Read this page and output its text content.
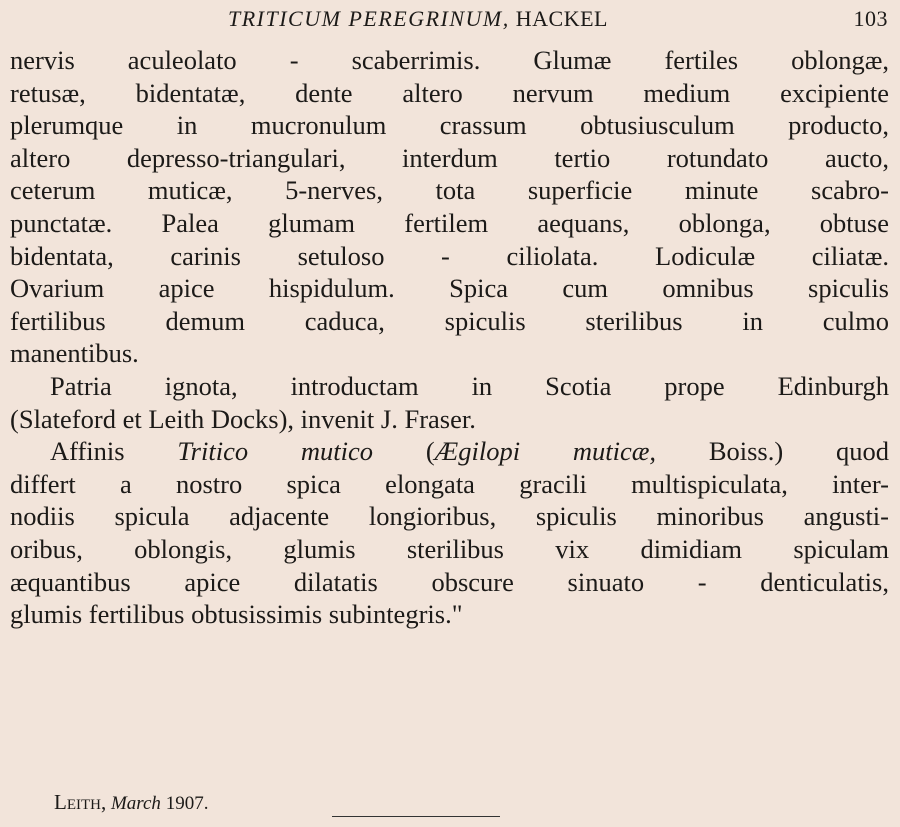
TRITICUM PEREGRINUM, HACKEL	103
nervis aculeolato - scaberrimis. Glumæ fertiles oblongæ,
retusæ, bidentatæ, dente altero nervum medium excipiente
plerumque in mucronulum crassum obtusiusculum producto,
altero depresso-triangulari, interdum tertio rotundato aucto,
ceterum muticæ, 5-nerves, tota superficie minute scabro-
punctatæ. Palea glumam fertilem aequans, oblonga, obtuse
bidentata, carinis setuloso - ciliolata. Lodiculæ ciliatæ.
Ovarium apice hispidulum. Spica cum omnibus spiculis
fertilibus demum caduca, spiculis sterilibus in culmo
manentibus.
Patria ignota, introductam in Scotia prope Edinburgh
(Slateford et Leith Docks), invenit J. Fraser.
Affinis Tritico mutico (Ægilopi muticæ, Boiss.) quod
differt a nostro spica elongata gracili multispiculata, inter-
nodiis spicula adjacente longioribus, spiculis minoribus angusti-
oribus, oblongis, glumis sterilibus vix dimidiam spiculam
æquantibus apice dilatatis obscure sinuato - denticulatis,
glumis fertilibus obtusissimis subintegris."
Leith, March 1907.
